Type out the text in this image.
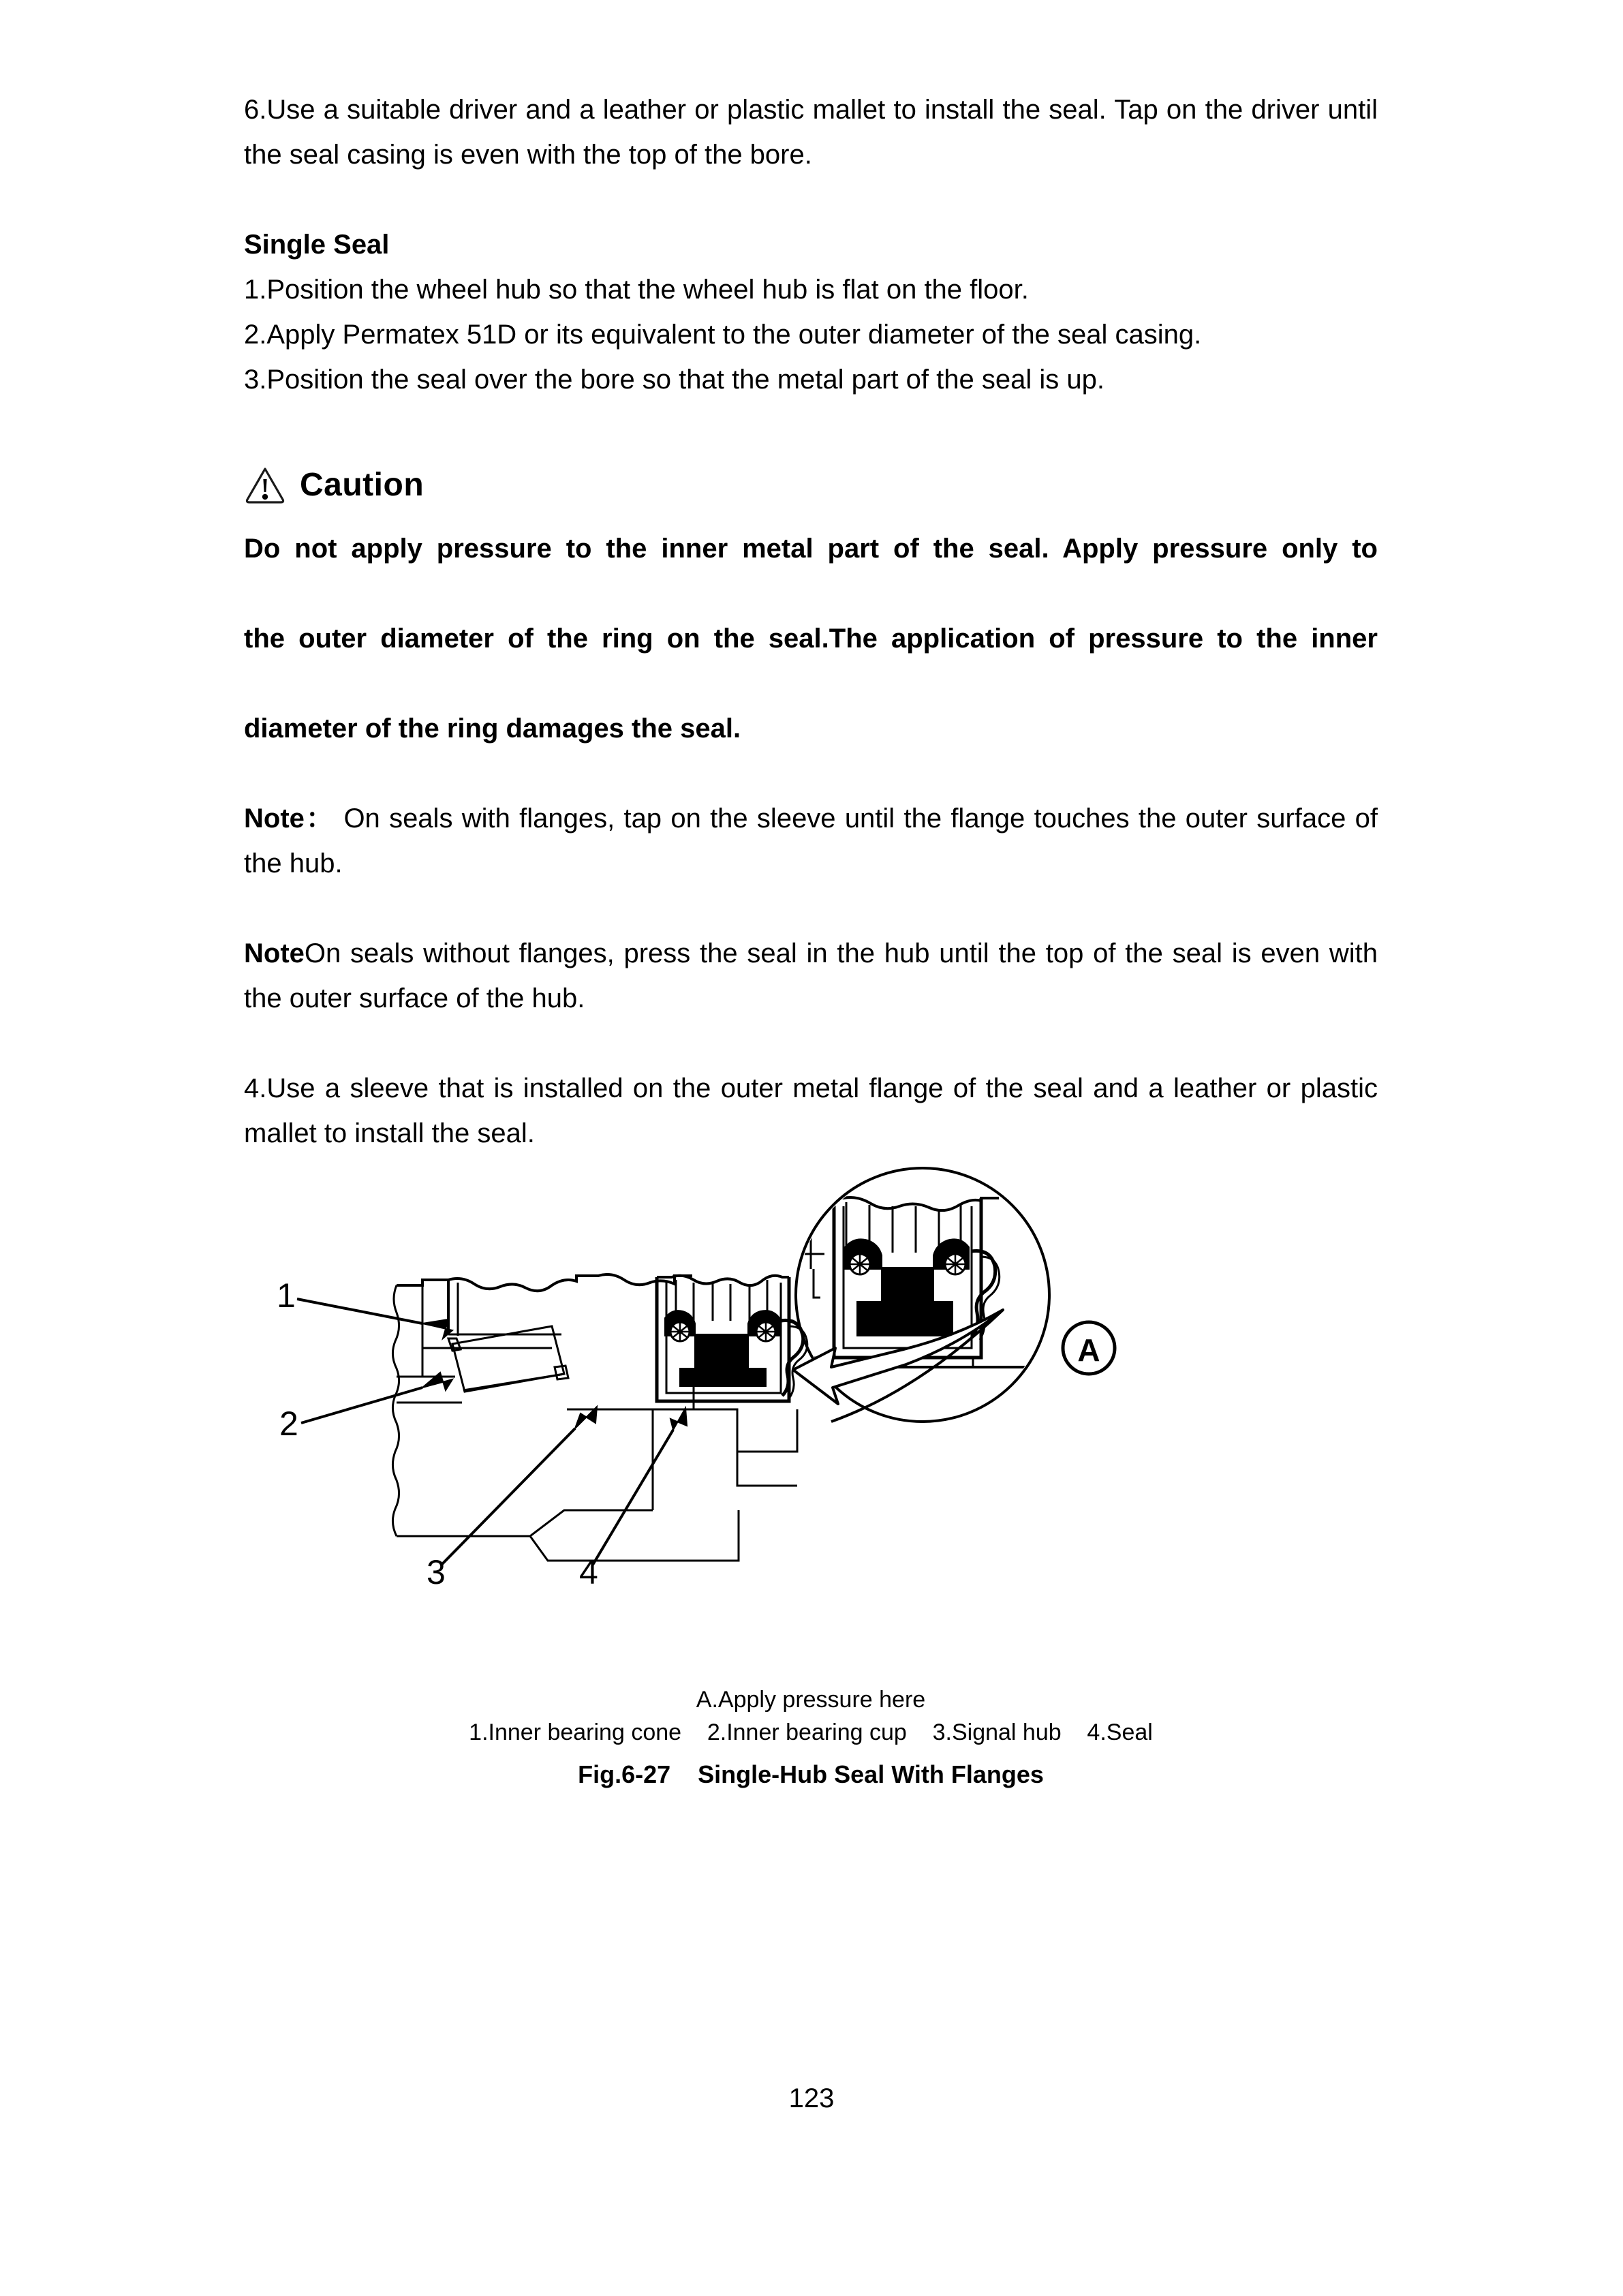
6.Use a suitable driver and a leather or plastic mallet to install the seal. Tap on the driver until the seal casing is even with the top of the bore.

Single Seal

1.Position the wheel hub so that the wheel hub is flat on the floor.

2.Apply Permatex 51D or its equivalent to the outer diameter of the seal casing.

3.Position the seal over the bore so that the metal part of the seal is up.

Caution

Do not apply pressure to the inner metal part of the seal. Apply pressure only to
the outer diameter of the ring on the seal.The application of pressure to the inner
diameter of the ring damages the seal.

Note： On seals with flanges, tap on the sleeve until the flange touches the outer surface of the hub.

NoteOn seals without flanges, press the seal in the hub until the top of the seal is even with the outer surface of the hub.

4.Use a sleeve that is installed on the outer metal flange of the seal and a leather or plastic mallet to install the seal.

1
2
3	4
A

A.Apply pressure here

1.Inner bearing cone    2.Inner bearing cup    3.Signal hub    4.Seal

Fig.6-27    Single-Hub Seal With Flanges

123
